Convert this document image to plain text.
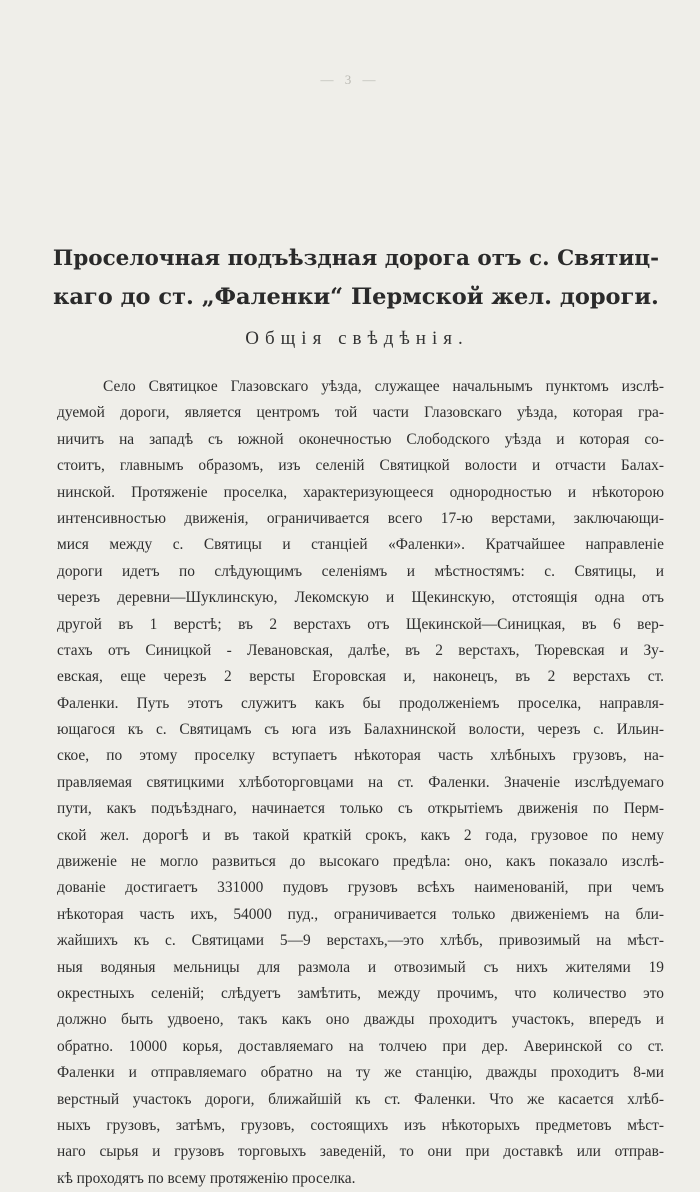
— 3 —
Проселочная подъѣздная дорога отъ с. Святиц-
каго до ст. „Фаленки“ Пермской жел. дороги.
Общія свѣдѣнія.
Село Святицкое Глазовскаго уѣзда, служащее начальнымъ пунктомъ изслѣ-
дуемой дороги, является центромъ той части Глазовскаго уѣзда, которая гра-
ничитъ на западѣ съ южной оконечностью Слободского уѣзда и которая со-
стоитъ, главнымъ образомъ, изъ селеній Святицкой волости и отчасти Балах-
нинской. Протяженіе проселка, характеризующееся однородностью и нѣкоторою
интенсивностью движенія, ограничивается всего 17-ю верстами, заключающи-
мися между с. Святицы и станціей «Фаленки». Кратчайшее направленіе
дороги идетъ по слѣдующимъ селеніямъ и мѣстностямъ: с. Святицы, и
черезъ деревни—Шуклинскую, Лекомскую и Щекинскую, отстоящія одна отъ
другой въ 1 верстѣ; въ 2 верстахъ отъ Щекинской—Синицкая, въ 6 вер-
стахъ отъ Синицкой - Левановская, далѣе, въ 2 верстахъ, Тюревская и Зу-
евская, еще черезъ 2 версты Егоровская и, наконецъ, въ 2 верстахъ ст.
Фаленки. Путь этотъ служитъ какъ бы продолженіемъ проселка, направля-
ющагося къ с. Святицамъ съ юга изъ Балахнинской волости, черезъ с. Ильин-
ское, по этому проселку вступаетъ нѣкоторая часть хлѣбныхъ грузовъ, на-
правляемая святицкими хлѣботорговцами на ст. Фаленки. Значеніе изслѣдуемаго
пути, какъ подъѣзднаго, начинается только съ открытіемъ движенія по Перм-
ской жел. дорогѣ и въ такой краткій срокъ, какъ 2 года, грузовое по нему
движеніе не могло развиться до высокаго предѣла: оно, какъ показало изслѣ-
дованіе достигаетъ 331000 пудовъ грузовъ всѣхъ наименованій, при чемъ
нѣкоторая часть ихъ, 54000 пуд., ограничивается только движеніемъ на бли-
жайшихъ къ с. Святицами 5—9 верстахъ,—это хлѣбъ, привозимый на мѣст-
ныя водяныя мельницы для размола и отвозимый съ нихъ жителями 19
окрестныхъ селеній; слѣдуетъ замѣтить, между прочимъ, что количество это
должно быть удвоено, такъ какъ оно дважды проходитъ участокъ, впередъ и
обратно. 10000 корья, доставляемаго на толчею при дер. Аверинской со ст.
Фаленки и отправляемаго обратно на ту же станцію, дважды проходитъ 8-ми
верстный участокъ дороги, ближайшій къ ст. Фаленки. Что же касается хлѣб-
ныхъ грузовъ, затѣмъ, грузовъ, состоящихъ изъ нѣкоторыхъ предметовъ мѣст-
наго сырья и грузовъ торговыхъ заведеній, то они при доставкѣ или отправ-
кѣ проходятъ по всему протяженію проселка.
